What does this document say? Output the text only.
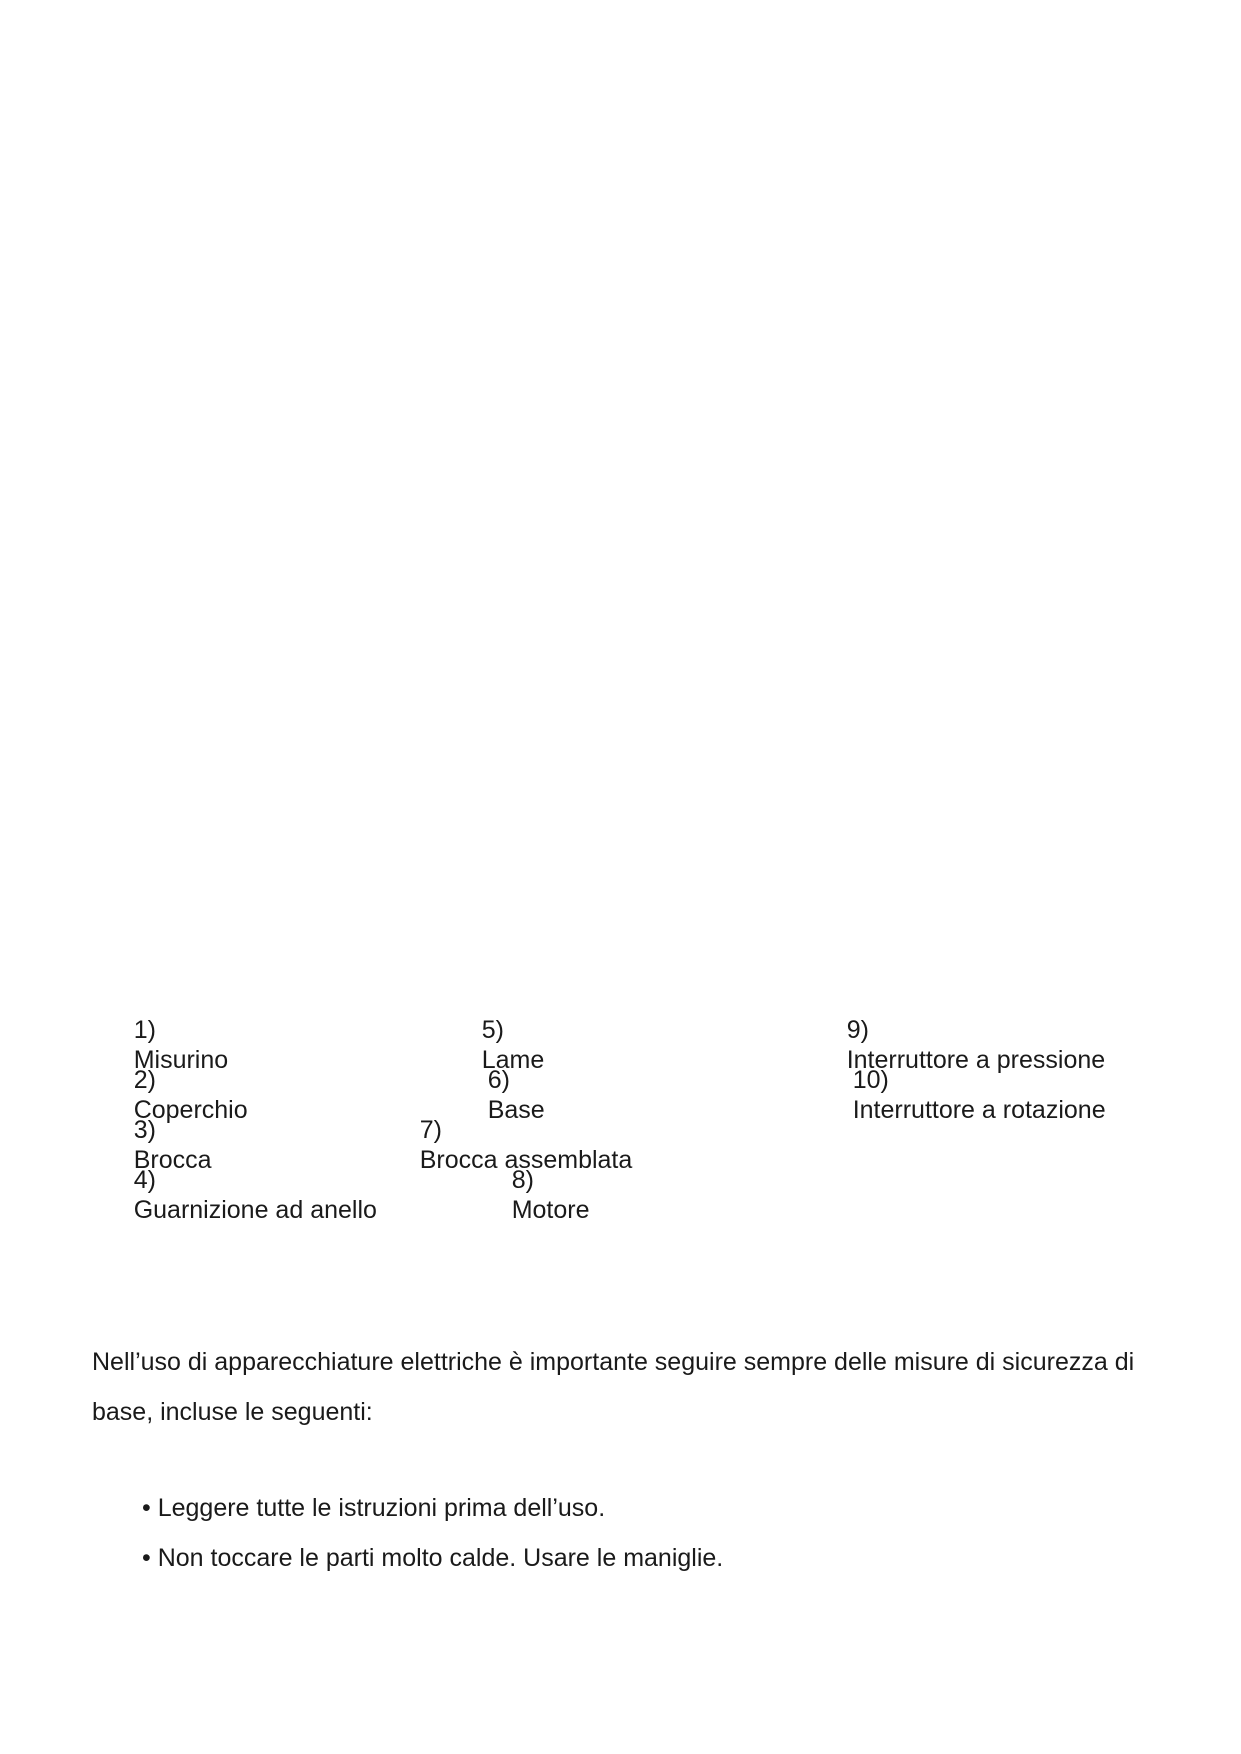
1)
Misurino

2)
Coperchio

3)
Brocca

4)
Guarnizione ad anello

5)
Lame

6)
Base

7)
Brocca assemblata

8)
Motore

9)
Interruttore a pressione

10)
Interruttore a rotazione

Nell’uso di apparecchiature elettriche è importante seguire sempre delle misure di sicurezza di base, incluse le seguenti:

• Leggere tutte le istruzioni prima dell’uso.
• Non toccare le parti molto calde. Usare le maniglie.
